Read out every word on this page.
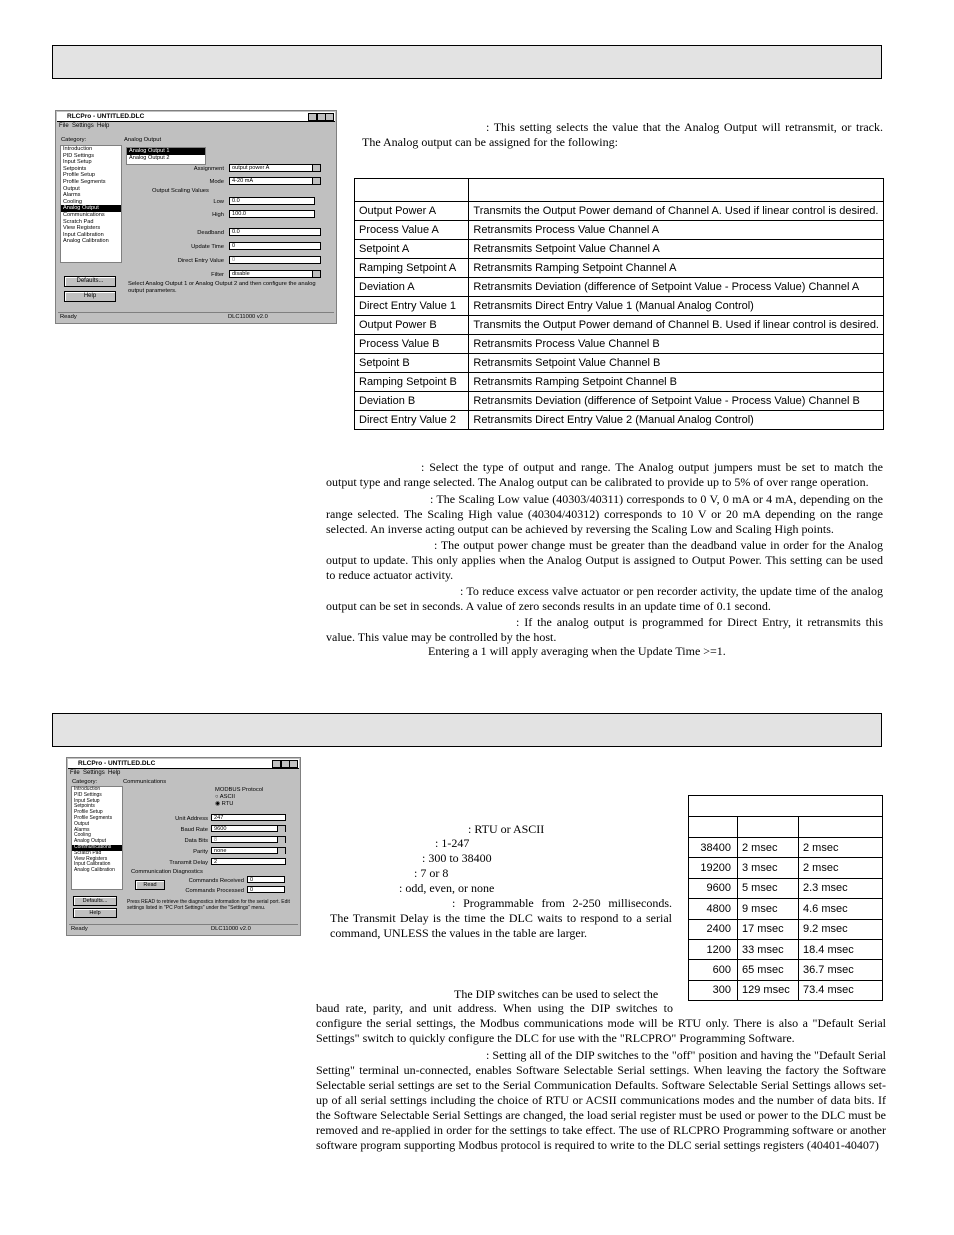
RLCPro - UNTITLED.DLC
File Settings Help
Category:
Introduction
PID Settings
Input Setup
Setpoints
Profile Setup
Profile Segments
Output
Alarms
Cooling
Analog Output
Communications
Scratch Pad
View Registers
Input Calibration
Analog Calibration
Defaults...
Help
Analog Output
Analog Output 1
Analog Output 2
Assignment	output power A
Mode	4-20 mA
Output Scaling Values
Low	0.0
High	100.0
Deadband	0.0
Update Time	0
Direct Entry Value	0
Filter	disable
Select Analog Output 1 or Analog Output 2 and then configure the analog output parameters.
Ready	DLC11000 v2.0
: This setting selects the value that the Analog Output will retransmit, or track. The Analog output can be assigned for the following:

Output Power A	Transmits the Output Power demand of Channel A. Used if linear control is desired.
Process Value A	Retransmits Process Value Channel A
Setpoint A	Retransmits Setpoint Value Channel A
Ramping Setpoint A	Retransmits Ramping Setpoint Channel A
Deviation A	Retransmits Deviation (difference of Setpoint Value - Process Value) Channel A
Direct Entry Value 1	Retransmits Direct Entry Value 1 (Manual Analog Control)
Output Power B	Transmits the Output Power demand of Channel B. Used if linear control is desired.
Process Value B	Retransmits Process Value Channel B
Setpoint B	Retransmits Setpoint Value Channel B
Ramping Setpoint B	Retransmits Ramping Setpoint Channel B
Deviation B	Retransmits Deviation (difference of Setpoint Value - Process Value) Channel B
Direct Entry Value 2	Retransmits Direct Entry Value 2 (Manual Analog Control)
: Select the type of output and range. The Analog output jumpers must be set to match the output type and range selected. The Analog output can be calibrated to provide up to 5% of over range operation.
: The Scaling Low value (40303/40311) corresponds to 0 V, 0 mA or 4 mA, depending on the range selected. The Scaling High value (40304/40312) corresponds to 10 V or 20 mA depending on the range selected. An inverse acting output can be achieved by reversing the Scaling Low and Scaling High points.
: The output power change must be greater than the deadband value in order for the Analog output to update. This only applies when the Analog Output is assigned to Output Power. This setting can be used to reduce actuator activity.
: To reduce excess valve actuator or pen recorder activity, the update time of the analog output can be set in seconds. A value of zero seconds results in an update time of 0.1 second.
: If the analog output is programmed for Direct Entry, it retransmits this value. This value may be controlled by the host.
Entering a 1 will apply averaging when the Update Time >=1.
RLCPro - UNTITLED.DLC
File Settings Help
Category:
Introduction
PID Settings
Input Setup
Setpoints
Profile Setup
Profile Segments
Output
Alarms
Cooling
Analog Output
Communications
Scratch Pad
View Registers
Input Calibration
Analog Calibration
Defaults...
Help
Communications
MODBUS Protocol
○ ASCII
◉ RTU
Unit Address	247
Baud Rate	9600
Data Bits	8
Parity	none
Transmit Delay	2
Communication Diagnostics
Read
Commands Received	0
Commands Processed	0
Press READ to retrieve the diagnostics information for the serial port. Edit settings listed in "PC Port Settings" under the "Settings" menu.
Ready	DLC11000 v2.0
: RTU or ASCII
: 1-247
: 300 to 38400
: 7 or 8
: odd, even, or none
: Programmable from 2-250 milliseconds. The Transmit Delay is the time the DLC waits to respond to a serial command, UNLESS the values in the table are larger.

38400	2 msec	2 msec
19200	3 msec	2 msec
9600	5 msec	2.3 msec
4800	9 msec	4.6 msec
2400	17 msec	9.2 msec
1200	33 msec	18.4 msec
600	65 msec	36.7 msec
300	129 msec	73.4 msec
The DIP switches can be used to select the
baud rate, parity, and unit address. When using the DIP switches to
configure the serial settings, the Modbus communications mode will be RTU only. There is also a "Default Serial Settings" switch to quickly configure the DLC for use with the "RLCPRO" Programming Software.
: Setting all of the DIP switches to the "off" position and having the "Default Serial Setting" terminal un-connected, enables Software Selectable Serial settings. When leaving the factory the Software Selectable serial settings are set to the Serial Communication Defaults. Software Selectable Serial Settings allows set-up of all serial settings including the choice of RTU or ACSII communications modes and the number of data bits. If the Software Selectable Serial Settings are changed, the load serial register must be used or power to the DLC must be removed and re-applied in order for the settings to take effect. The use of RLCPRO Programming software or another software program supporting Modbus protocol is required to write to the DLC serial settings registers (40401-40407)
